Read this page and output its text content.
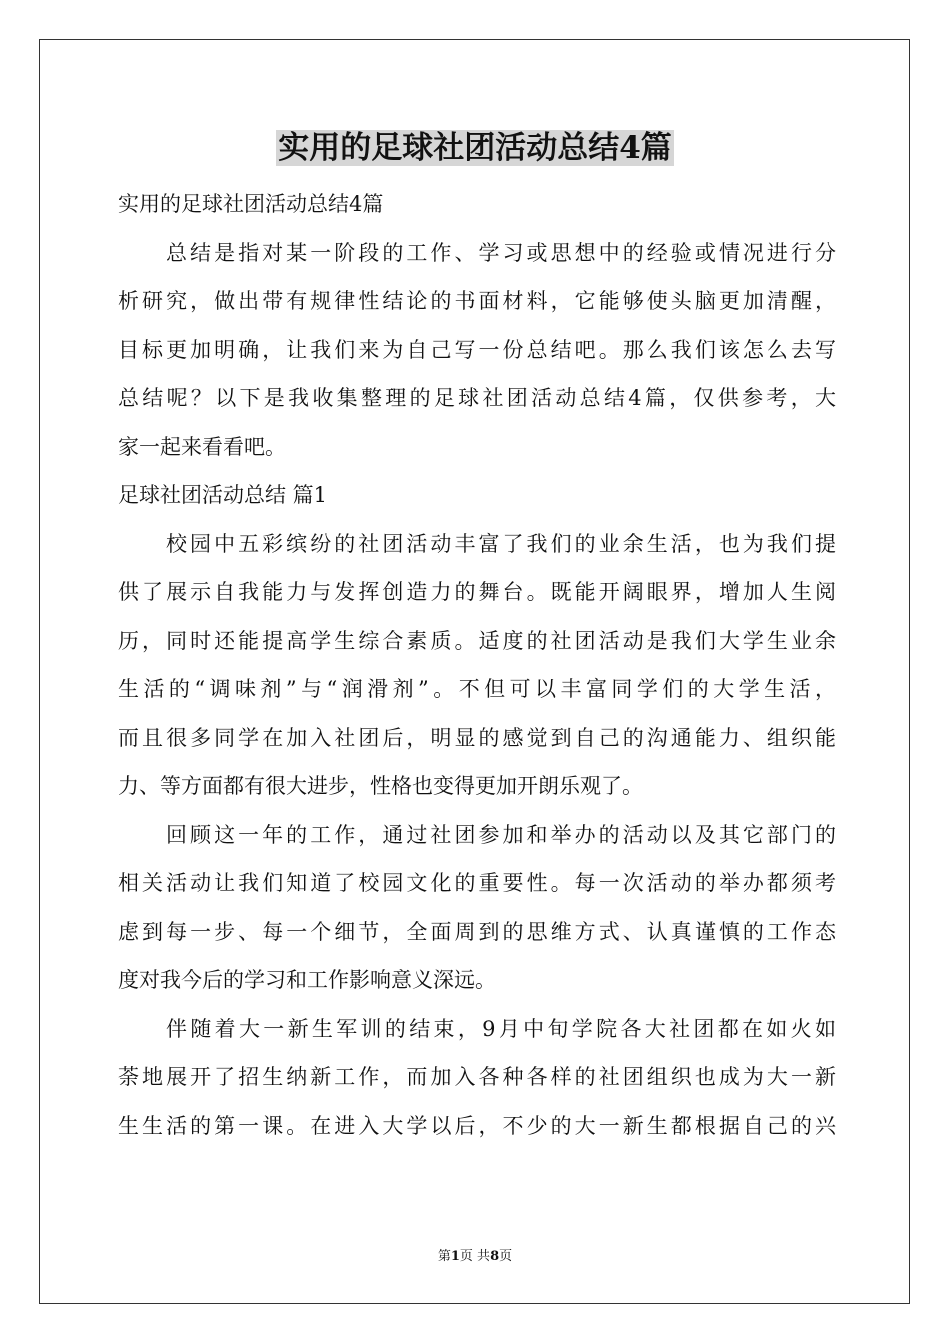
实用的足球社团活动总结4篇

实用的足球社团活动总结4篇

总结是指对某一阶段的工作、学习或思想中的经验或情况进行分

析研究，做出带有规律性结论的书面材料，它能够使头脑更加清醒，

目标更加明确，让我们来为自己写一份总结吧。那么我们该怎么去写

总结呢？以下是我收集整理的足球社团活动总结4篇，仅供参考，大

家一起来看看吧。

足球社团活动总结 篇1

校园中五彩缤纷的社团活动丰富了我们的业余生活，也为我们提

供了展示自我能力与发挥创造力的舞台。既能开阔眼界，增加人生阅

历，同时还能提高学生综合素质。适度的社团活动是我们大学生业余

生活的“调味剂”与“润滑剂”。不但可以丰富同学们的大学生活，

而且很多同学在加入社团后，明显的感觉到自己的沟通能力、组织能

力、等方面都有很大进步，性格也变得更加开朗乐观了。

回顾这一年的工作，通过社团参加和举办的活动以及其它部门的

相关活动让我们知道了校园文化的重要性。每一次活动的举办都须考

虑到每一步、每一个细节，全面周到的思维方式、认真谨慎的工作态

度对我今后的学习和工作影响意义深远。

伴随着大一新生军训的结束，9月中旬学院各大社团都在如火如

荼地展开了招生纳新工作，而加入各种各样的社团组织也成为大一新

生生活的第一课。在进入大学以后，不少的大一新生都根据自己的兴

第1页 共8页
